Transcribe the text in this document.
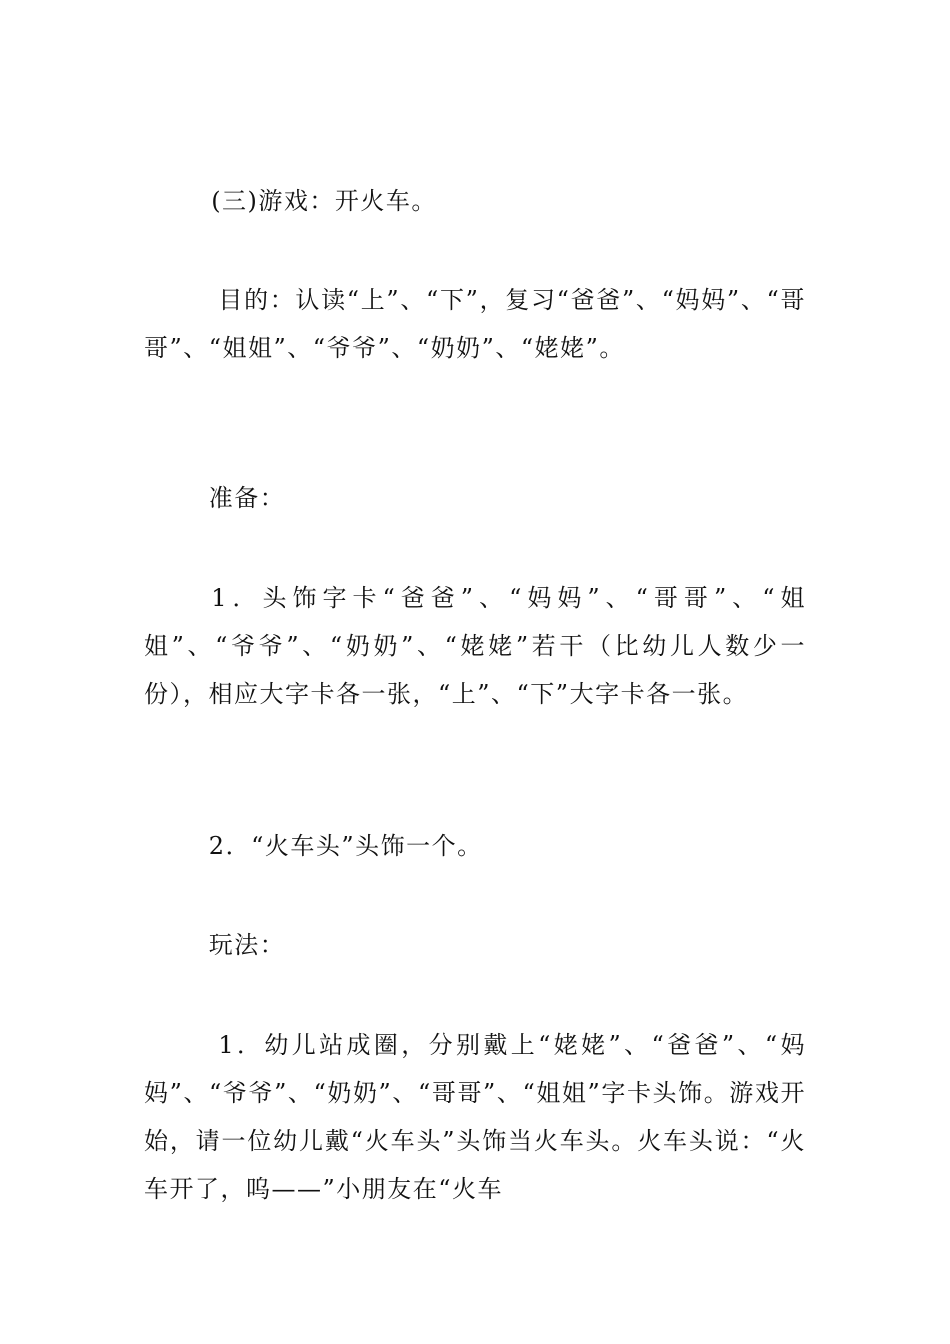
(三)游戏：开火车。

目的：认读“上”、“下”，复习“爸爸”、“妈妈”、“哥哥”、“姐姐”、“爷爷”、“奶奶”、“姥姥”。

准备：

1．头饰字卡“爸爸”、“妈妈”、“哥哥”、“姐姐”、“爷爷”、“奶奶”、“姥姥”若干（比幼儿人数少一份），相应大字卡各一张，“上”、“下”大字卡各一张。

2．“火车头”头饰一个。

玩法：

1．幼儿站成圈，分别戴上“姥姥”、“爸爸”、“妈妈”、“爷爷”、“奶奶”、“哥哥”、“姐姐”字卡头饰。游戏开始，请一位幼儿戴“火车头”头饰当火车头。火车头说：“火车开了，呜——”小朋友在“火车
